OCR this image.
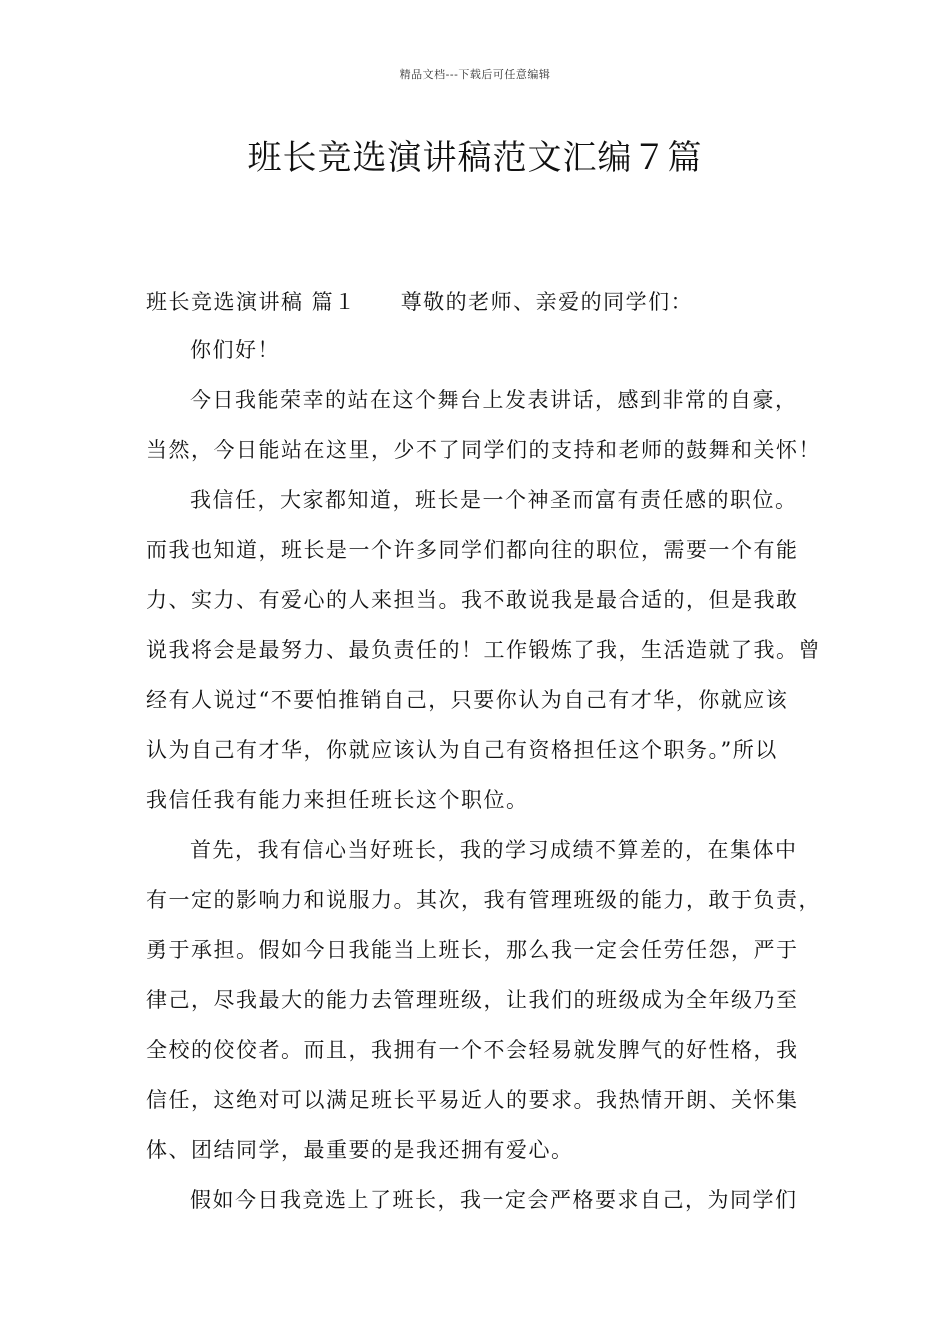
精品文档---下载后可任意编辑
班长竞选演讲稿范文汇编７篇
班长竞选演讲稿 篇１ 尊敬的老师、亲爱的同学们：
你们好！
今日我能荣幸的站在这个舞台上发表讲话，感到非常的自豪，
当然，今日能站在这里，少不了同学们的支持和老师的鼓舞和关怀！
我信任，大家都知道，班长是一个神圣而富有责任感的职位。
而我也知道，班长是一个许多同学们都向往的职位，需要一个有能
力、实力、有爱心的人来担当。我不敢说我是最合适的，但是我敢
说我将会是最努力、最负责任的！工作锻炼了我，生活造就了我。曾
经有人说过“不要怕推销自己，只要你认为自己有才华，你就应该
认为自己有才华，你就应该认为自己有资格担任这个职务。”所以
我信任我有能力来担任班长这个职位。
首先，我有信心当好班长，我的学习成绩不算差的，在集体中
有一定的影响力和说服力。其次，我有管理班级的能力，敢于负责，
勇于承担。假如今日我能当上班长，那么我一定会任劳任怨，严于
律己，尽我最大的能力去管理班级，让我们的班级成为全年级乃至
全校的佼佼者。而且，我拥有一个不会轻易就发脾气的好性格，我
信任，这绝对可以满足班长平易近人的要求。我热情开朗、关怀集
体、团结同学，最重要的是我还拥有爱心。
假如今日我竞选上了班长，我一定会严格要求自己，为同学们
